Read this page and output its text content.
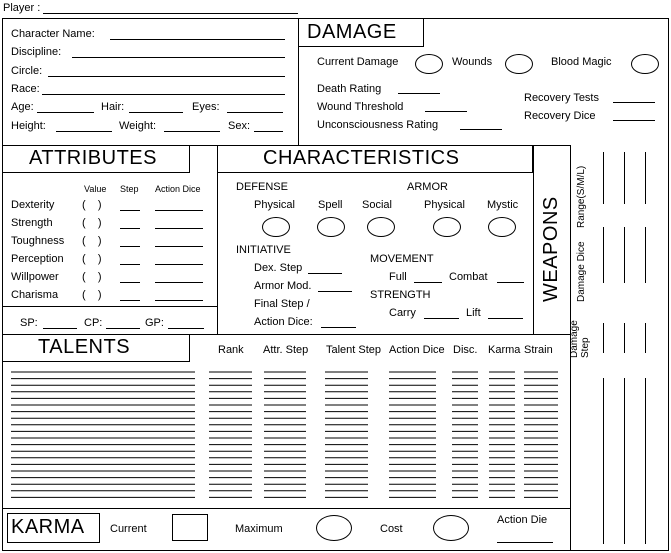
Player :
Character Name:
Discipline:
Circle:
Race:
Age:	Hair:	Eyes:
Height:	Weight:	Sex:
DAMAGE
Current Damage	Wounds	Blood Magic
Death Rating
Wound Threshold
Unconsciousness Rating
Recovery Tests
Recovery Dice
ATTRIBUTES
Value Step Action Dice
Dexterity	(    )
Strength	(    )
Toughness (    )
Perception (    )
Willpower (    )
Charisma (    )
SP:	CP:	GP:
CHARACTERISTICS
DEFENSE	ARMOR
Physical Spell Social	Physical Mystic
INITIATIVE
Dex. Step
Armor Mod.
Final Step /
Action Dice:
MOVEMENT
Full	Combat
STRENGTH
Carry	Lift
WEAPONS Range(S/M/L)
Damage Dice
Damage Step
TALENTS	Rank Attr. Step Talent Step Action Dice Disc. Karma Strain
KARMA Current	Maximum	Cost
Action Die
